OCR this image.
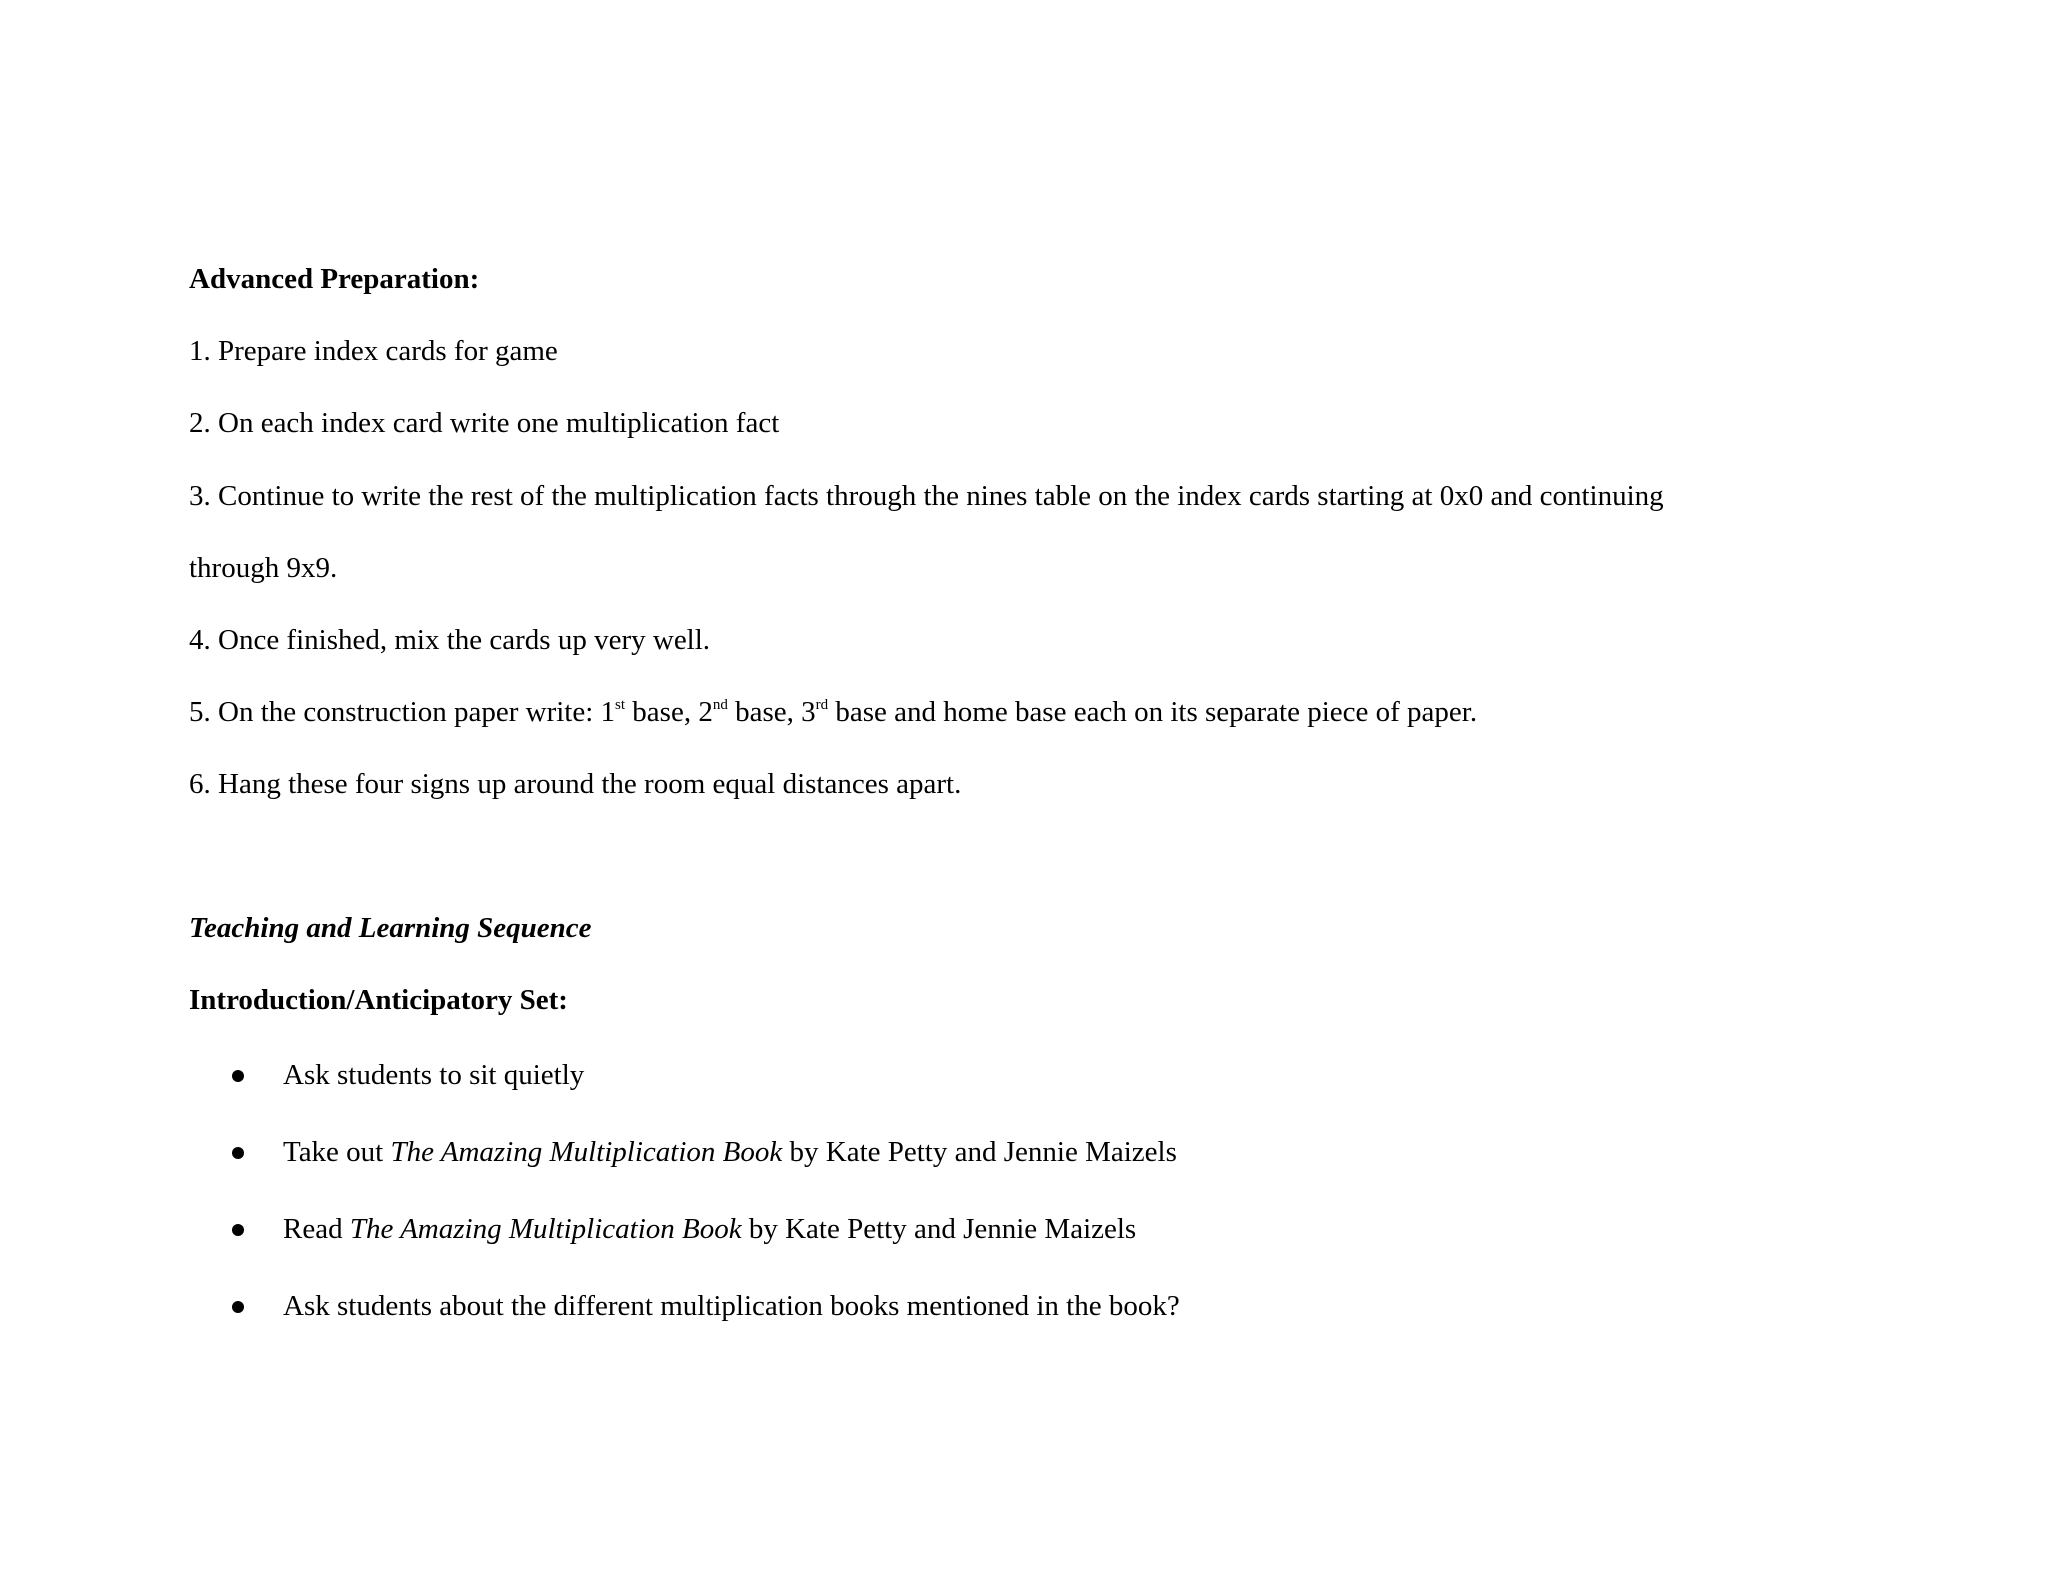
Advanced Preparation:
1. Prepare index cards for game
2. On each index card write one multiplication fact
3. Continue to write the rest of the multiplication facts through the nines table on the index cards starting at 0x0 and continuing
through 9x9.
4. Once finished, mix the cards up very well.
5. On the construction paper write: 1st base, 2nd base, 3rd base and home base each on its separate piece of paper.
6. Hang these four signs up around the room equal distances apart.
Teaching and Learning Sequence
Introduction/Anticipatory Set:
Ask students to sit quietly
Take out The Amazing Multiplication Book by Kate Petty and Jennie Maizels
Read The Amazing Multiplication Book by Kate Petty and Jennie Maizels
Ask students about the different multiplication books mentioned in the book?
